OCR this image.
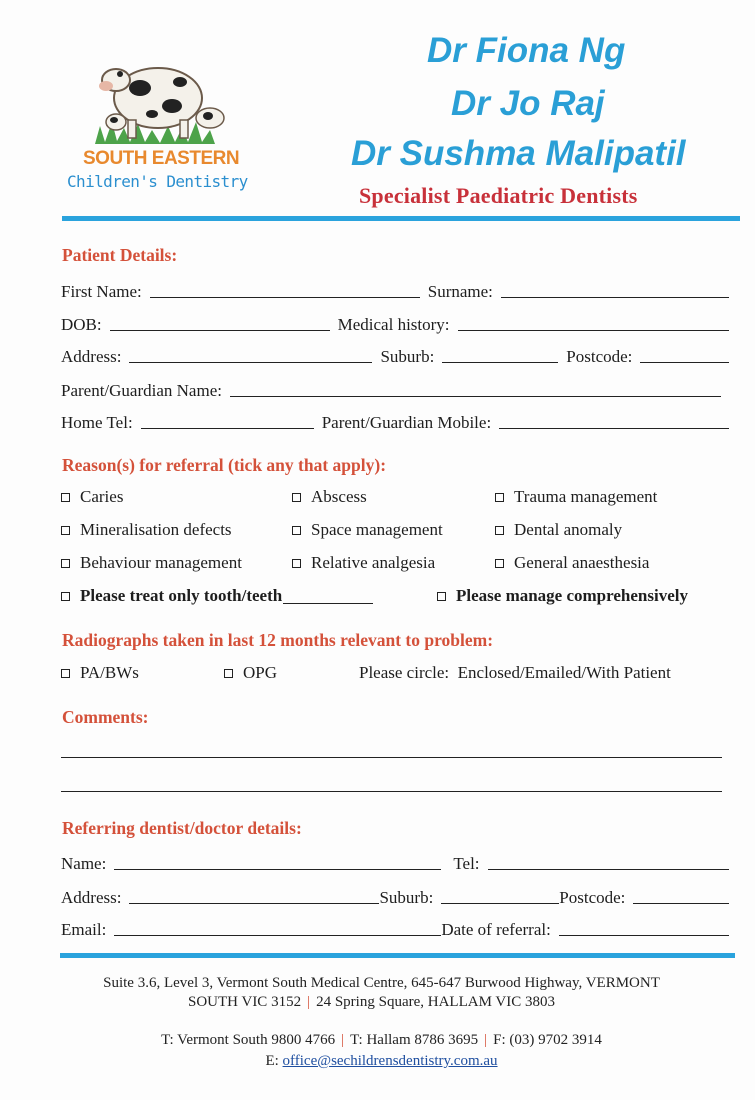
SOUTH EASTERN
Children's Dentistry
Dr Fiona Ng
Dr Jo Raj
Dr Sushma Malipatil
Specialist Paediatric Dentists
Patient Details:
First Name:	Surname:
DOB:	Medical history:
Address:	Suburb:	Postcode:
Parent/Guardian Name:
Home Tel:	Parent/Guardian Mobile:
Reason(s) for referral (tick any that apply):
Caries	Abscess	Trauma management
Mineralisation defects	Space management	Dental anomaly
Behaviour management	Relative analgesia	General anaesthesia
Please treat only tooth/teeth	Please manage comprehensively
Radiographs taken in last 12 months relevant to problem:
PA/BWs	OPG	Please circle:  Enclosed/Emailed/With Patient
Comments:
Referring dentist/doctor details:
Name:	Tel:
Address:	Suburb:	Postcode:
Email:	Date of referral:
Suite 3.6, Level 3, Vermont South Medical Centre, 645-647 Burwood Highway, VERMONT
SOUTH VIC 3152 | 24 Spring Square, HALLAM VIC 3803
T: Vermont South 9800 4766 | T: Hallam 8786 3695 | F: (03) 9702 3914
E: office@sechildrensdentistry.com.au
